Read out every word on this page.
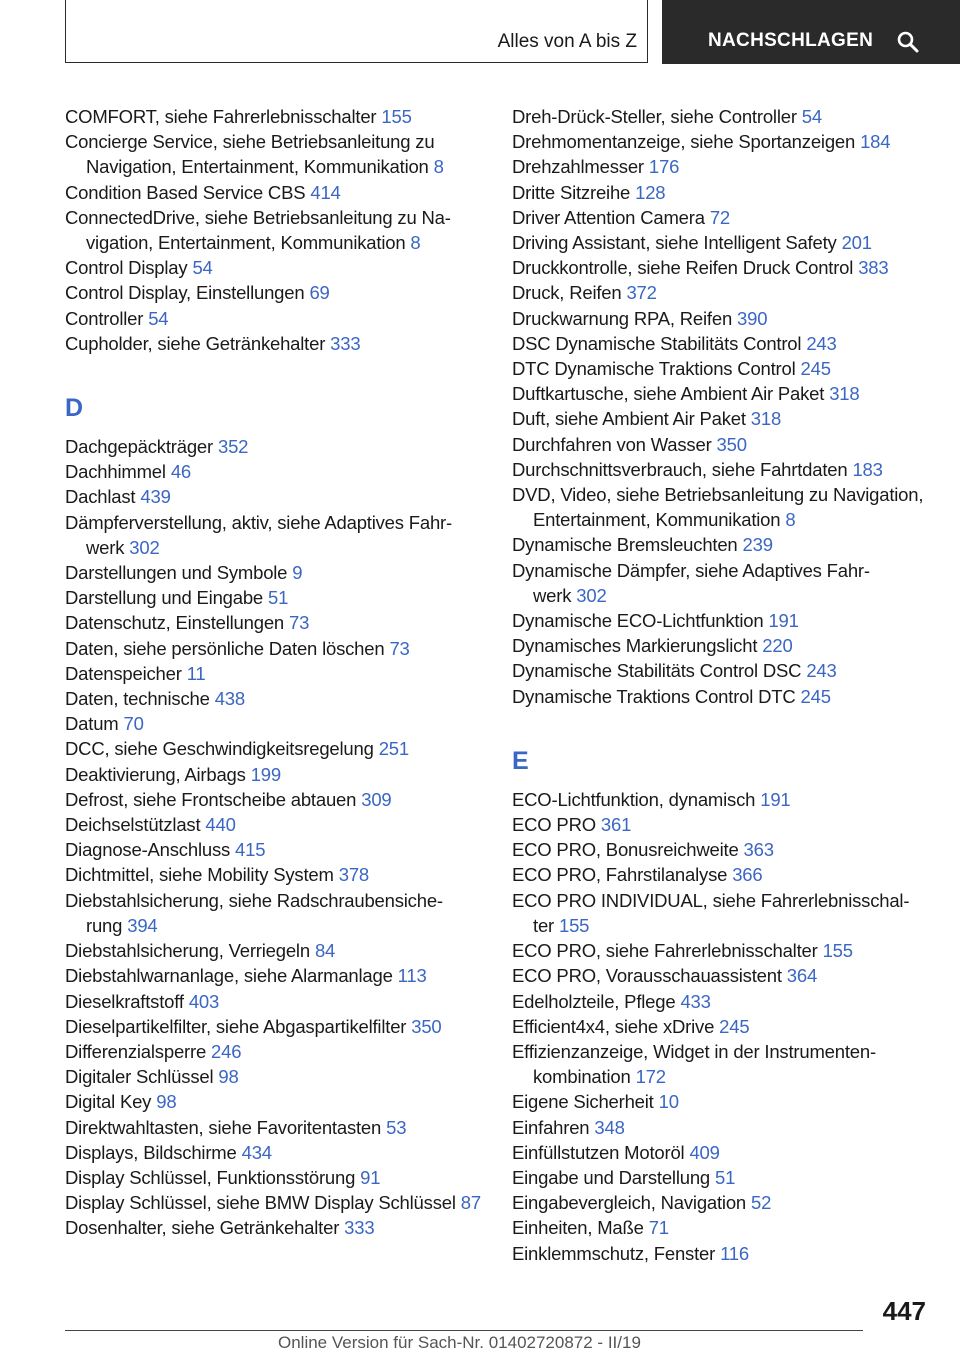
Alles von A bis Z	NACHSCHLAGEN
COMFORT, siehe Fahrerlebnisschalter 155
Concierge Service, siehe Betriebsanleitung zu Navigation, Entertainment, Kommunikation 8
Condition Based Service CBS 414
ConnectedDrive, siehe Betriebsanleitung zu Navigation, Entertainment, Kommunikation 8
Control Display 54
Control Display, Einstellungen 69
Controller 54
Cupholder, siehe Getränkehalter 333
D
Dachgepäckträger 352
Dachhimmel 46
Dachlast 439
Dämpferverstellung, aktiv, siehe Adaptives Fahrwerk 302
Darstellungen und Symbole 9
Darstellung und Eingabe 51
Datenschutz, Einstellungen 73
Daten, siehe persönliche Daten löschen 73
Datenspeicher 11
Daten, technische 438
Datum 70
DCC, siehe Geschwindigkeitsregelung 251
Deaktivierung, Airbags 199
Defrost, siehe Frontscheibe abtauen 309
Deichselstützlast 440
Diagnose-Anschluss 415
Dichtmittel, siehe Mobility System 378
Diebstahlsicherung, siehe Radschraubensicherung 394
Diebstahlsicherung, Verriegeln 84
Diebstahlwarnanlage, siehe Alarmanlage 113
Dieselkraftstoff 403
Dieselpartikelfilter, siehe Abgaspartikelfilter 350
Differenzialsperre 246
Digitaler Schlüssel 98
Digital Key 98
Direktwahltasten, siehe Favoritentasten 53
Displays, Bildschirme 434
Display Schlüssel, Funktionsstörung 91
Display Schlüssel, siehe BMW Display Schlüssel 87
Dosenhalter, siehe Getränkehalter 333
Dreh-Drück-Steller, siehe Controller 54
Drehmomentanzeige, siehe Sportanzeigen 184
Drehzahlmesser 176
Dritte Sitzreihe 128
Driver Attention Camera 72
Driving Assistant, siehe Intelligent Safety 201
Druckkontrolle, siehe Reifen Druck Control 383
Druck, Reifen 372
Druckwarnung RPA, Reifen 390
DSC Dynamische Stabilitäts Control 243
DTC Dynamische Traktions Control 245
Duftkartusche, siehe Ambient Air Paket 318
Duft, siehe Ambient Air Paket 318
Durchfahren von Wasser 350
Durchschnittsverbrauch, siehe Fahrtdaten 183
DVD, Video, siehe Betriebsanleitung zu Navigation, Entertainment, Kommunikation 8
Dynamische Bremsleuchten 239
Dynamische Dämpfer, siehe Adaptives Fahrwerk 302
Dynamische ECO-Lichtfunktion 191
Dynamisches Markierungslicht 220
Dynamische Stabilitäts Control DSC 243
Dynamische Traktions Control DTC 245
E
ECO-Lichtfunktion, dynamisch 191
ECO PRO 361
ECO PRO, Bonusreichweite 363
ECO PRO, Fahrstilanalyse 366
ECO PRO INDIVIDUAL, siehe Fahrerlebnisschalter 155
ECO PRO, siehe Fahrerlebnisschalter 155
ECO PRO, Vorausschauassistent 364
Edelholzteile, Pflege 433
Efficient4x4, siehe xDrive 245
Effizienzanzeige, Widget in der Instrumentenkombination 172
Eigene Sicherheit 10
Einfahren 348
Einfüllstutzen Motoröl 409
Eingabe und Darstellung 51
Eingabevergleich, Navigation 52
Einheiten, Maße 71
Einklemmschutz, Fenster 116
447
Online Version für Sach-Nr. 01402720872 - II/19
